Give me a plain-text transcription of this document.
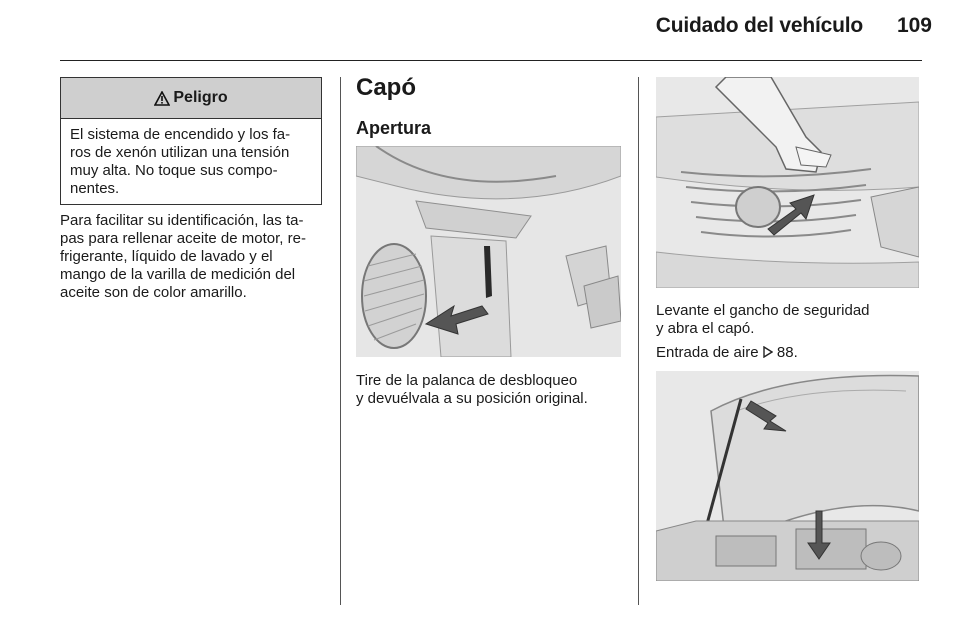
Cuidado del vehículo 109
Peligro
El sistema de encendido y los fa-
ros de xenón utilizan una tensión
muy alta. No toque sus compo-
nentes.
Para facilitar su identificación, las ta-
pas para rellenar aceite de motor, re-
frigerante, líquido de lavado y el
mango de la varilla de medición del
aceite son de color amarillo.
Capó
Apertura
Tire de la palanca de desbloqueo
y devuélvala a su posición original.
Levante el gancho de seguridad
y abra el capó.
Entrada de aire 88.
